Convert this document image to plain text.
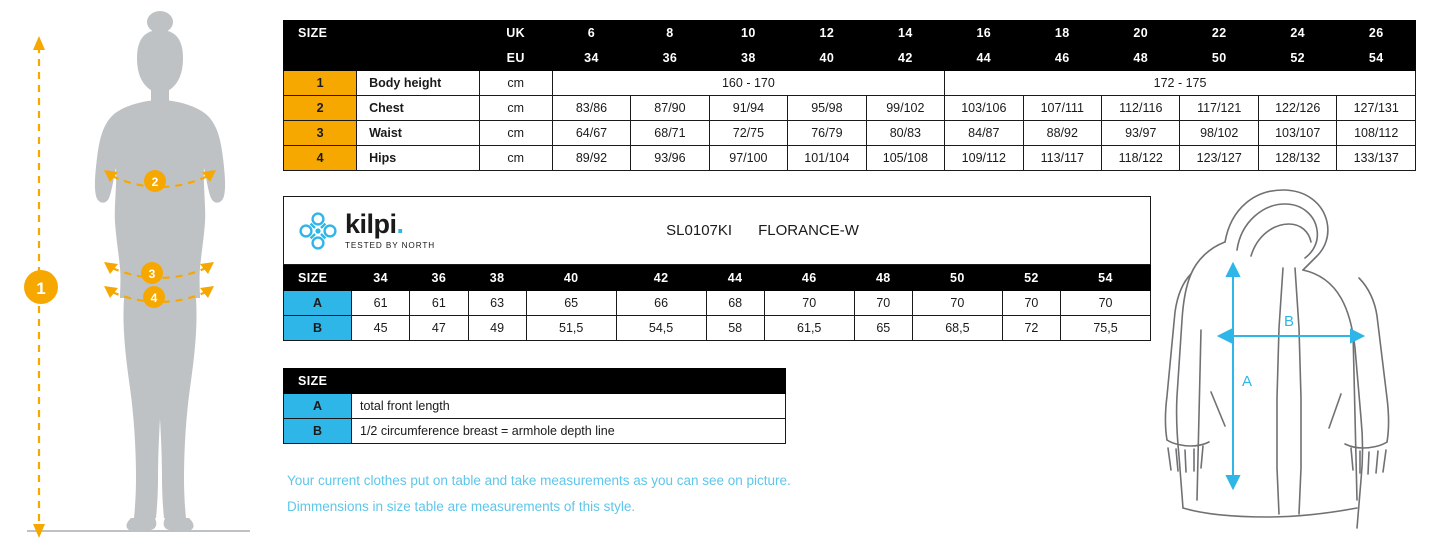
1
2
3
4
SIZE		UK	6	8	10	12	14	16	18	20	22	24	26
		EU	34	36	38	40	42	44	46	48	50	52	54
1	Body height	cm	160 - 170					172 - 175					
2	Chest	cm	83/86	87/90	91/94	95/98	99/102	103/106	107/111	112/116	117/121	122/126	127/131
3	Waist	cm	64/67	68/71	72/75	76/79	80/83	84/87	88/92	93/97	98/102	103/107	108/112
4	Hips	cm	89/92	93/96	97/100	101/104	105/108	109/112	113/117	118/122	123/127	128/132	133/137
kilpi.
TESTED BY NORTH
SL0107KI FLORANCE-W
SIZE	34	36	38	40	42	44	46	48	50	52	54
A	61	61	63	65	66	68	70	70	70	70	70
B	45	47	49	51,5	54,5	58	61,5	65	68,5	72	75,5
SIZE	
A	total front length
B	1/2 circumference breast = armhole depth line
Your current clothes put on table and take measurements as you can see on picture.
Dimmensions in size table are measurements of this style.
B
A
